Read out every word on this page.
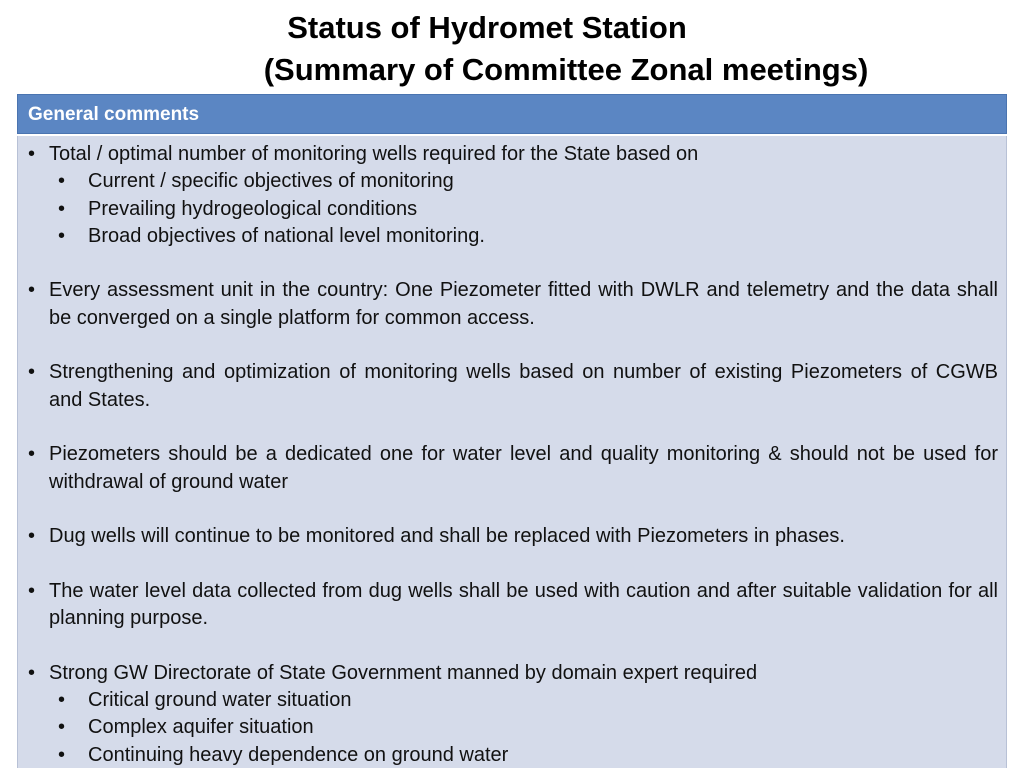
Status of Hydromet Station
(Summary of Committee Zonal meetings)
General comments
• Total / optimal number of monitoring wells required for the State based on
• Current / specific objectives of monitoring
• Prevailing hydrogeological conditions
• Broad objectives of national level monitoring.
• Every assessment unit in the country: One Piezometer fitted with DWLR and telemetry and the data shall be converged on a single platform for common access.
• Strengthening and optimization of monitoring wells based on number of existing Piezometers of CGWB and States.
• Piezometers should be a dedicated one for water level and quality monitoring & should not be used for withdrawal of ground water
• Dug wells will continue to be monitored and shall be replaced with Piezometers in phases.
• The water level data collected from dug wells shall be used with caution and after suitable validation for all planning purpose.
• Strong GW Directorate of State Government manned by domain expert required
• Critical ground water situation
• Complex aquifer situation
• Continuing heavy dependence on ground water
